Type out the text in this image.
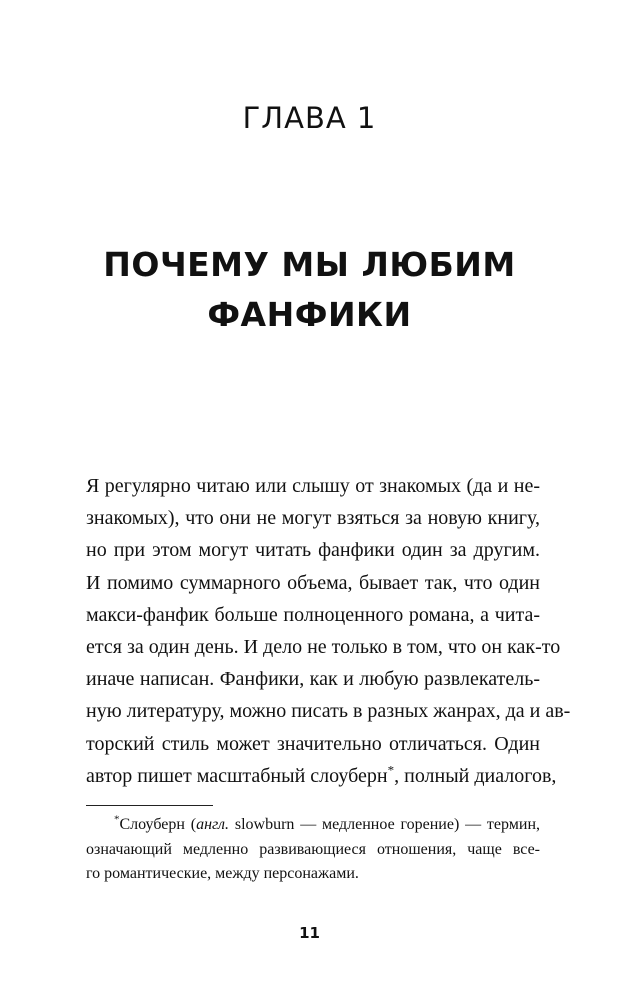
ГЛАВА 1
ПОЧЕМУ МЫ ЛЮБИМ
ФАНФИКИ
Я регулярно читаю или слышу от знакомых (да и не-
знакомых), что они не могут взяться за новую книгу,
но при этом могут читать фанфики один за другим.
И помимо суммарного объема, бывает так, что один
макси-фанфик больше полноценного романа, а чита-
ется за один день. И дело не только в том, что он как-то
иначе написан. Фанфики, как и любую развлекатель-
ную литературу, можно писать в разных жанрах, да и ав-
торский стиль может значительно отличаться. Один
автор пишет масштабный слоуберн*, полный диалогов,
*Слоуберн (англ. slowburn — медленное горение) — термин,
означающий медленно развивающиеся отношения, чаще все-
го романтические, между персонажами.
11
